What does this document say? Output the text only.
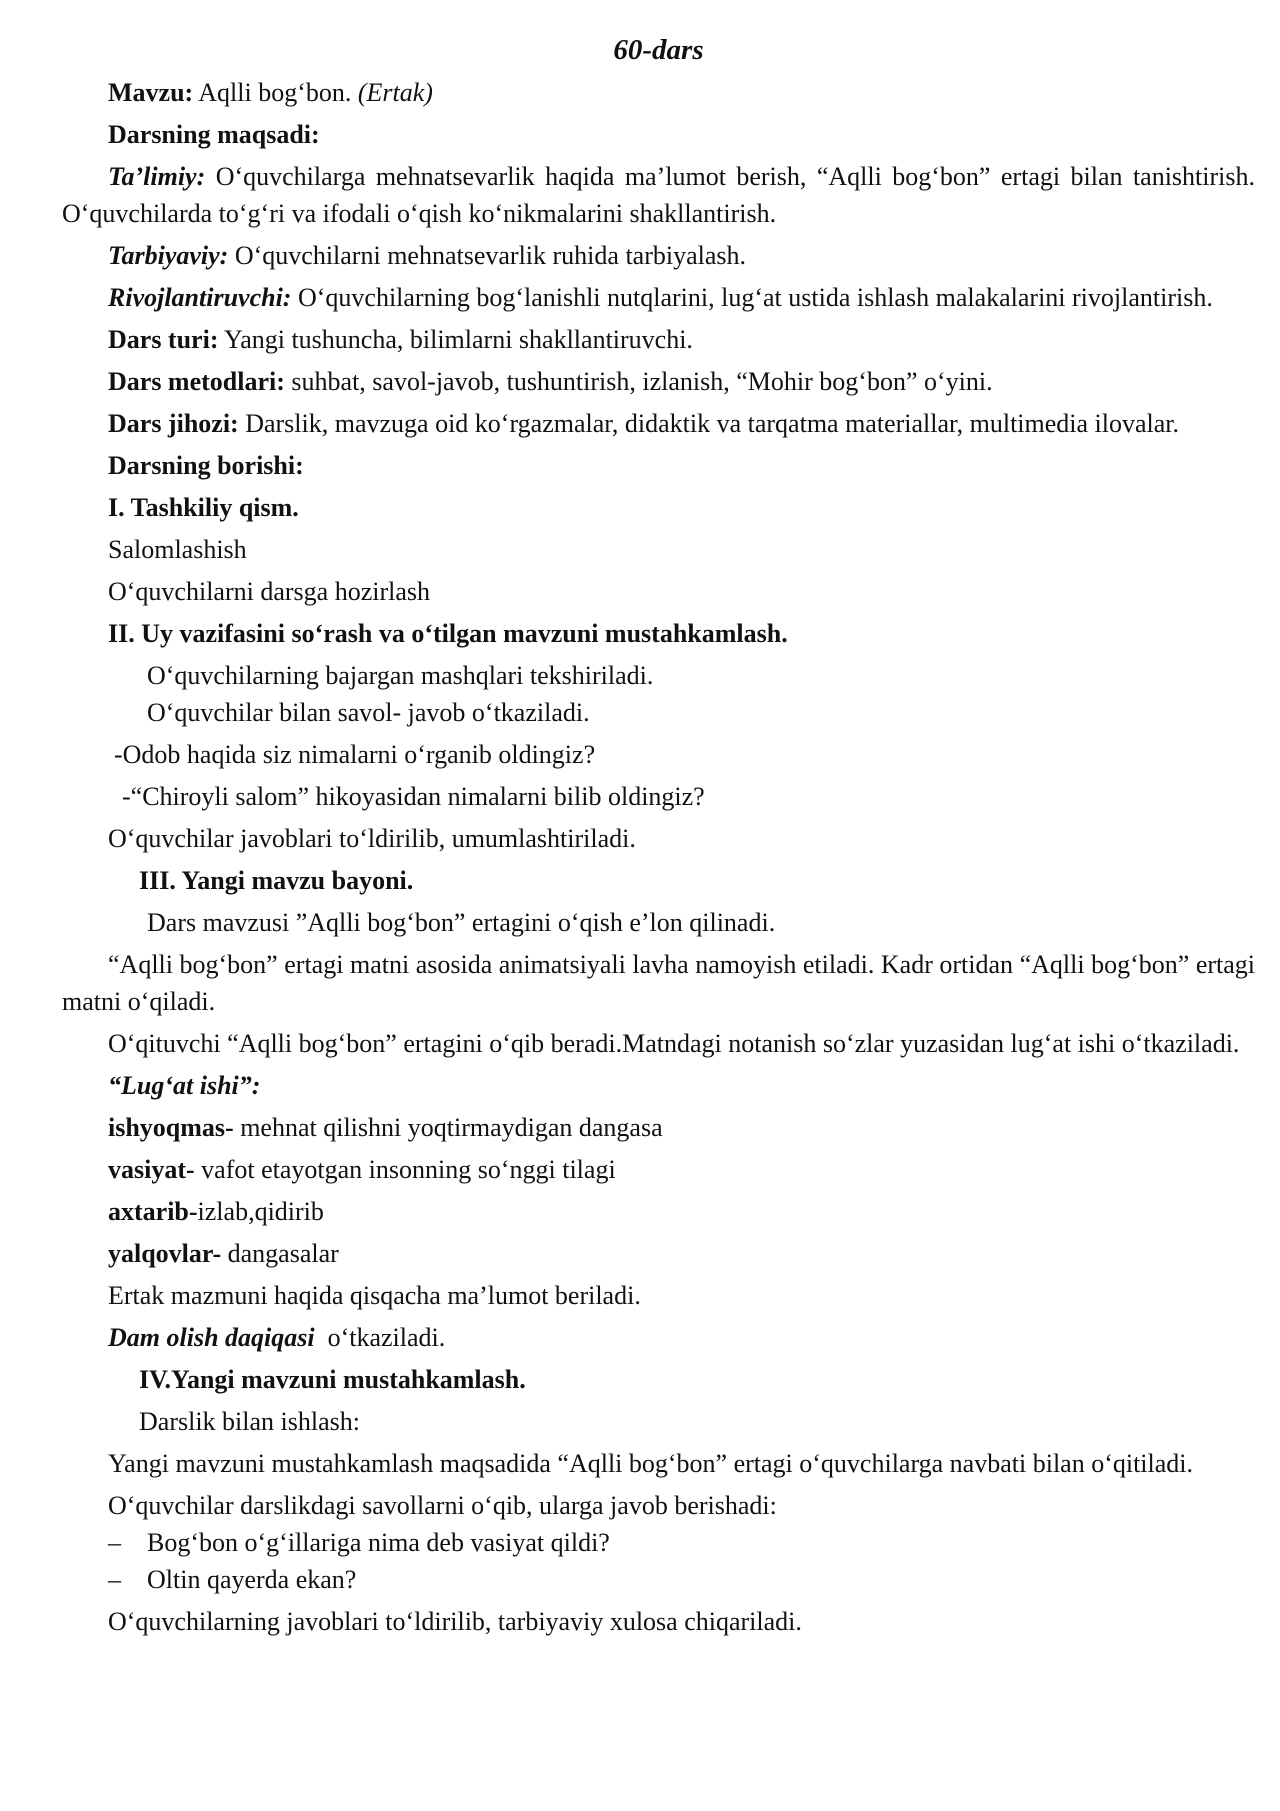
60-dars

Mavzu: Aqlli bog‘bon. (Ertak)

Darsning maqsadi:

Ta’limiy: O‘quvchilarga mehnatsevarlik haqida ma’lumot berish, “Aqlli bog‘bon” ertagi bilan tanishtirish. O‘quvchilarda to‘g‘ri va ifodali o‘qish ko‘nikmalarini shakllantirish.

Tarbiyaviy: O‘quvchilarni mehnatsevarlik ruhida tarbiyalash.

Rivojlantiruvchi: O‘quvchilarning bog‘lanishli nutqlarini, lug‘at ustida ishlash malakalarini rivojlantirish.

Dars turi: Yangi tushuncha, bilimlarni shakllantiruvchi.

Dars metodlari: suhbat, savol-javob, tushuntirish, izlanish, “Mohir bog‘bon” o‘yini.

Dars jihozi: Darslik, mavzuga oid ko‘rgazmalar, didaktik va tarqatma materiallar, multimedia ilovalar.

Darsning borishi:

I. Tashkiliy qism.

Salomlashish

O‘quvchilarni darsga hozirlash

II. Uy vazifasini so‘rash va o‘tilgan mavzuni mustahkamlash.

O‘quvchilarning bajargan mashqlari tekshiriladi.

O‘quvchilar bilan savol- javob o‘tkaziladi.

-Odob haqida siz nimalarni o‘rganib oldingiz?

-“Chiroyli salom” hikoyasidan nimalarni bilib oldingiz?

O‘quvchilar javoblari to‘ldirilib, umumlashtiriladi.

III. Yangi mavzu bayoni.

Dars mavzusi ”Aqlli bog‘bon” ertagini o‘qish e’lon qilinadi.

“Aqlli bog‘bon” ertagi matni asosida animatsiyali lavha namoyish etiladi. Kadr ortidan “Aqlli bog‘bon” ertagi matni o‘qiladi.

O‘qituvchi “Aqlli bog‘bon” ertagini o‘qib beradi.Matndagi notanish so‘zlar yuzasidan lug‘at ishi o‘tkaziladi.

“Lug‘at ishi”:

ishyoqmas- mehnat qilishni yoqtirmaydigan dangasa

vasiyat- vafot etayotgan insonning so‘nggi tilagi

axtarib-izlab,qidirib

yalqovlar- dangasalar

Ertak mazmuni haqida qisqacha ma’lumot beriladi.

Dam olish daqiqasi  o‘tkaziladi.

IV.Yangi mavzuni mustahkamlash.

Darslik bilan ishlash:

Yangi mavzuni mustahkamlash maqsadida “Aqlli bog‘bon” ertagi o‘quvchilarga navbati bilan o‘qitiladi.

O‘quvchilar darslikdagi savollarni o‘qib, ularga javob berishadi:

–	Bog‘bon o‘g‘illariga nima deb vasiyat qildi?

–	Oltin qayerda ekan?

O‘quvchilarning javoblari to‘ldirilib, tarbiyaviy xulosa chiqariladi.
